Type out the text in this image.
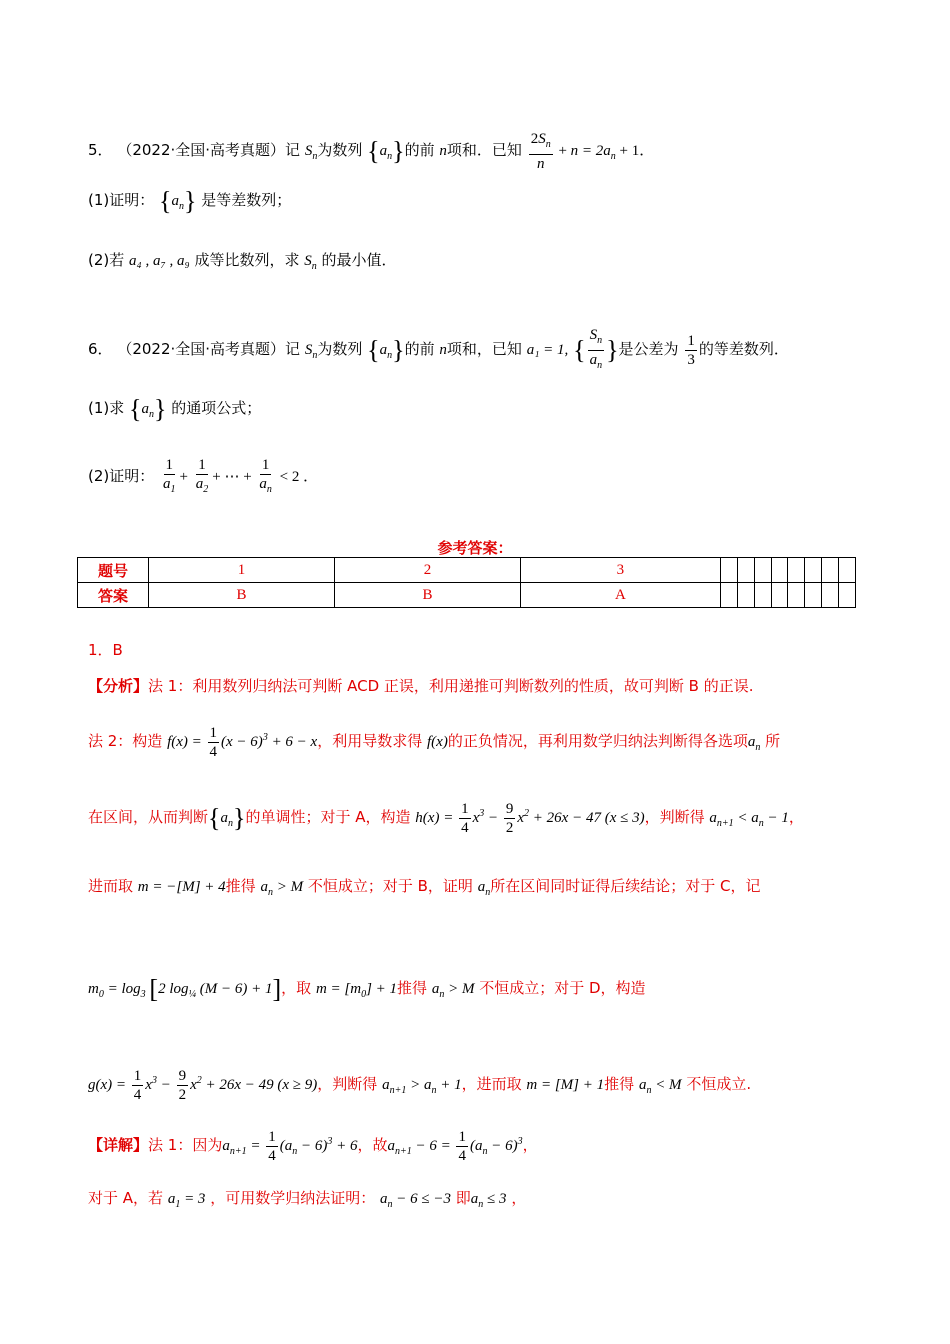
5． （2022·全国·高考真题）记 $S_n$为数列 $\{a_n\}$的前 n项和．已知 $\frac{2S_n}{n} + n = 2a_n + 1$．
(1)证明： $\{a_n\}$ 是等差数列；
(2)若 a₄ , a₇ , a₉ 成等比数列，求 $S_n$ 的最小值．
6． （2022·全国·高考真题）记 $S_n$为数列 $\{a_n\}$的前 n项和，已知 a₁ = 1, { $\frac{S_n}{a_n}$ }是公差为 $\frac{1}{3}$ 的等差数列．
(1)求 $\{a_n\}$ 的通项公式；
(2)证明： $\frac{1}{a_1} + \frac{1}{a_2}$ + ⋯ + $\frac{1}{a_n} < 2$ ．
参考答案：
题号	1	2	3								
答案	B	B	A								
1．B
【分析】法 1：利用数列归纳法可判断 ACD 正误，利用递推可判断数列的性质，故可判断 B 的正误.
法 2：构造 $f(x) = \frac{1}{4} (x - 6)^3 + 6 - x$，利用导数求得 f(x)的正负情况，再利用数学归纳法判断得各选项$a_n$ 所
在区间，从而判断$\{a_n\}$的单调性；对于 A，构造 $h(x) = \frac{1}{4} x^3 - \frac{9}{2} x^2 + 26x - 47$ (x ≤ 3)，判断得 $a_{n+1} < a_n - 1$，
进而取 m = −[M] + 4推得 $a_n > M$ 不恒成立；对于 B，证明 $a_n$所在区间同时证得后续结论；对于 C，记
$m_0 = \log_3 [2$ $\log_{\frac{1}{4}} (M - 6) + 1$]，取 $m = [m_0] + 1$推得 $a_n > M$ 不恒成立；对于 D，构造
$g(x) = \frac{1}{4} x^3 - \frac{9}{2} x^2 + 26x - 49$ (x ≥ 9)，判断得 $a_{n+1} > a_n + 1$，进而取 m = [M] + 1推得 $a_n < M$ 不恒成立.
【详解】法 1：因为$a_{n+1} = \frac{1}{4} (a_n - 6)^3 + 6$，故$a_{n+1} - 6 = \frac{1}{4} (a_n - 6)^3$，
对于 A，若 $a_1 = 3$ ，可用数学归纳法证明： $a_n - 6 \le -3$ 即$a_n \le 3$ ，
